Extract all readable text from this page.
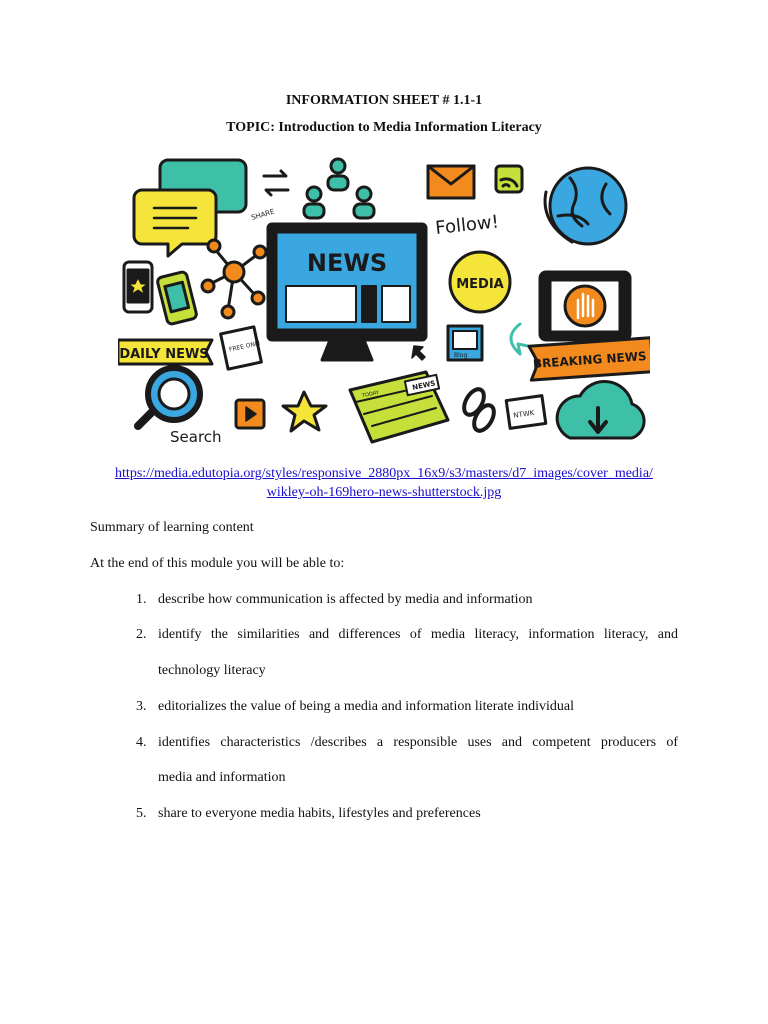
INFORMATION SHEET # 1.1-1
TOPIC: Introduction to Media Information Literacy
NEWS
Follow!
MEDIA
DAILY NEWS	BREAKING NEWS
Search
SHARE
FREE ONLI
Blog
NEWS
TODAY
NTWK
https://media.edutopia.org/styles/responsive_2880px_16x9/s3/masters/d7_images/cover_media/
wikley-oh-169hero-news-shutterstock.jpg
Summary of learning content
At the end of this module you will be able to:
1. describe how communication is affected by media and information
2. identify the similarities and differences of media literacy, information literacy, and
technology literacy
3. editorializes the value of being a media and information literate individual
4. identifies characteristics /describes a responsible uses and competent producers of
media and information
5. share to everyone media habits, lifestyles and preferences
